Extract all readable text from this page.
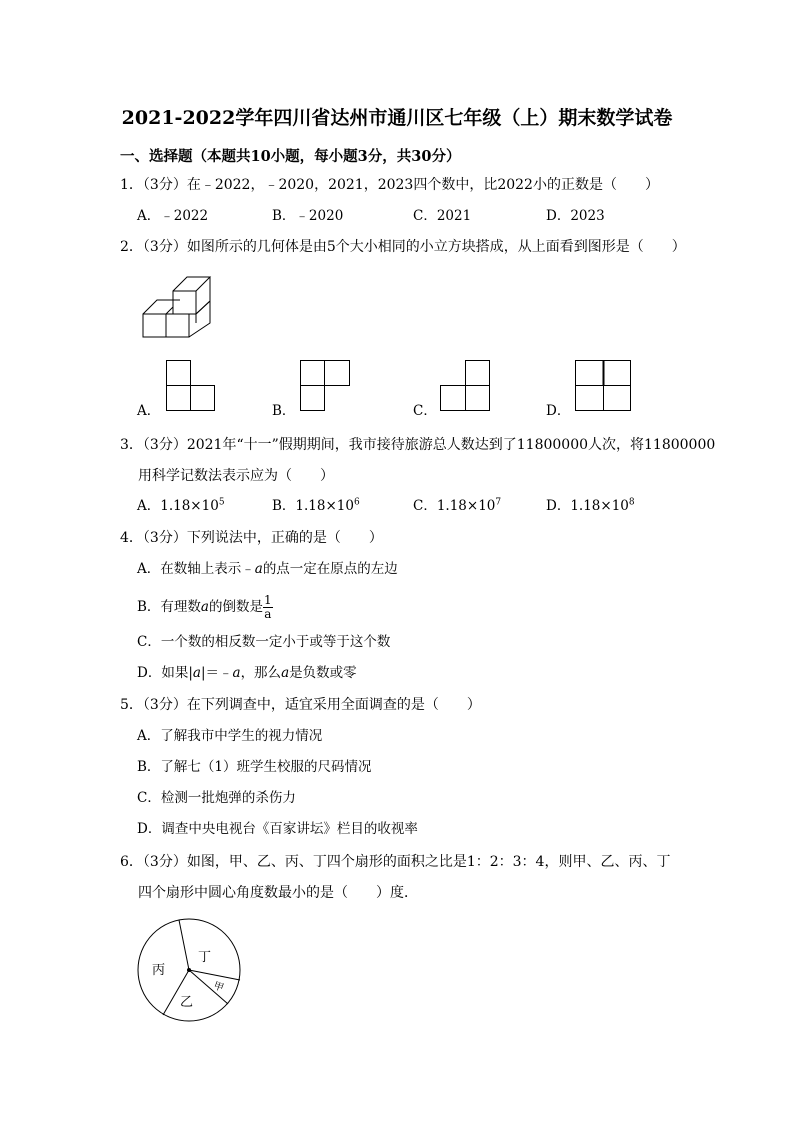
2021-2022学年四川省达州市通川区七年级（上）期末数学试卷
一、选择题（本题共10小题，每小题3分，共30分）
1．（3分）在﹣2022，﹣2020，2021，2023四个数中，比2022小的正数是（　　）
A．﹣2022	B．﹣2020	C．2021	D．2023
2．（3分）如图所示的几何体是由5个大小相同的小立方块搭成，从上面看到图形是（　　）
A．	B．	C．	D．
3．（3分）2021年“十一”假期期间，我市接待旅游总人数达到了11800000人次，将11800000
用科学记数法表示应为（　　）
A．$1.18\times 10^5$	B．$1.18\times 10^6$	C．$1.18\times 10^7$	D．$1.18\times 10^8$
4．（3分）下列说法中，正确的是（　　）
A．在数轴上表示﹣a的点一定在原点的左边
B．有理数a的倒数是 $\frac{1}{a}$
C．一个数的相反数一定小于或等于这个数
D．如果|a|＝﹣a，那么a是负数或零
5．（3分）在下列调查中，适宜采用全面调查的是（　　）
A．了解我市中学生的视力情况
B．了解七（1）班学生校服的尺码情况
C．检测一批炮弹的杀伤力
D．调查中央电视台《百家讲坛》栏目的收视率
6．（3分）如图，甲、乙、丙、丁四个扇形的面积之比是1：2：3：4，则甲、乙、丙、丁
四个扇形中圆心角度数最小的是（　　）度．
丁
丙
乙
甲
